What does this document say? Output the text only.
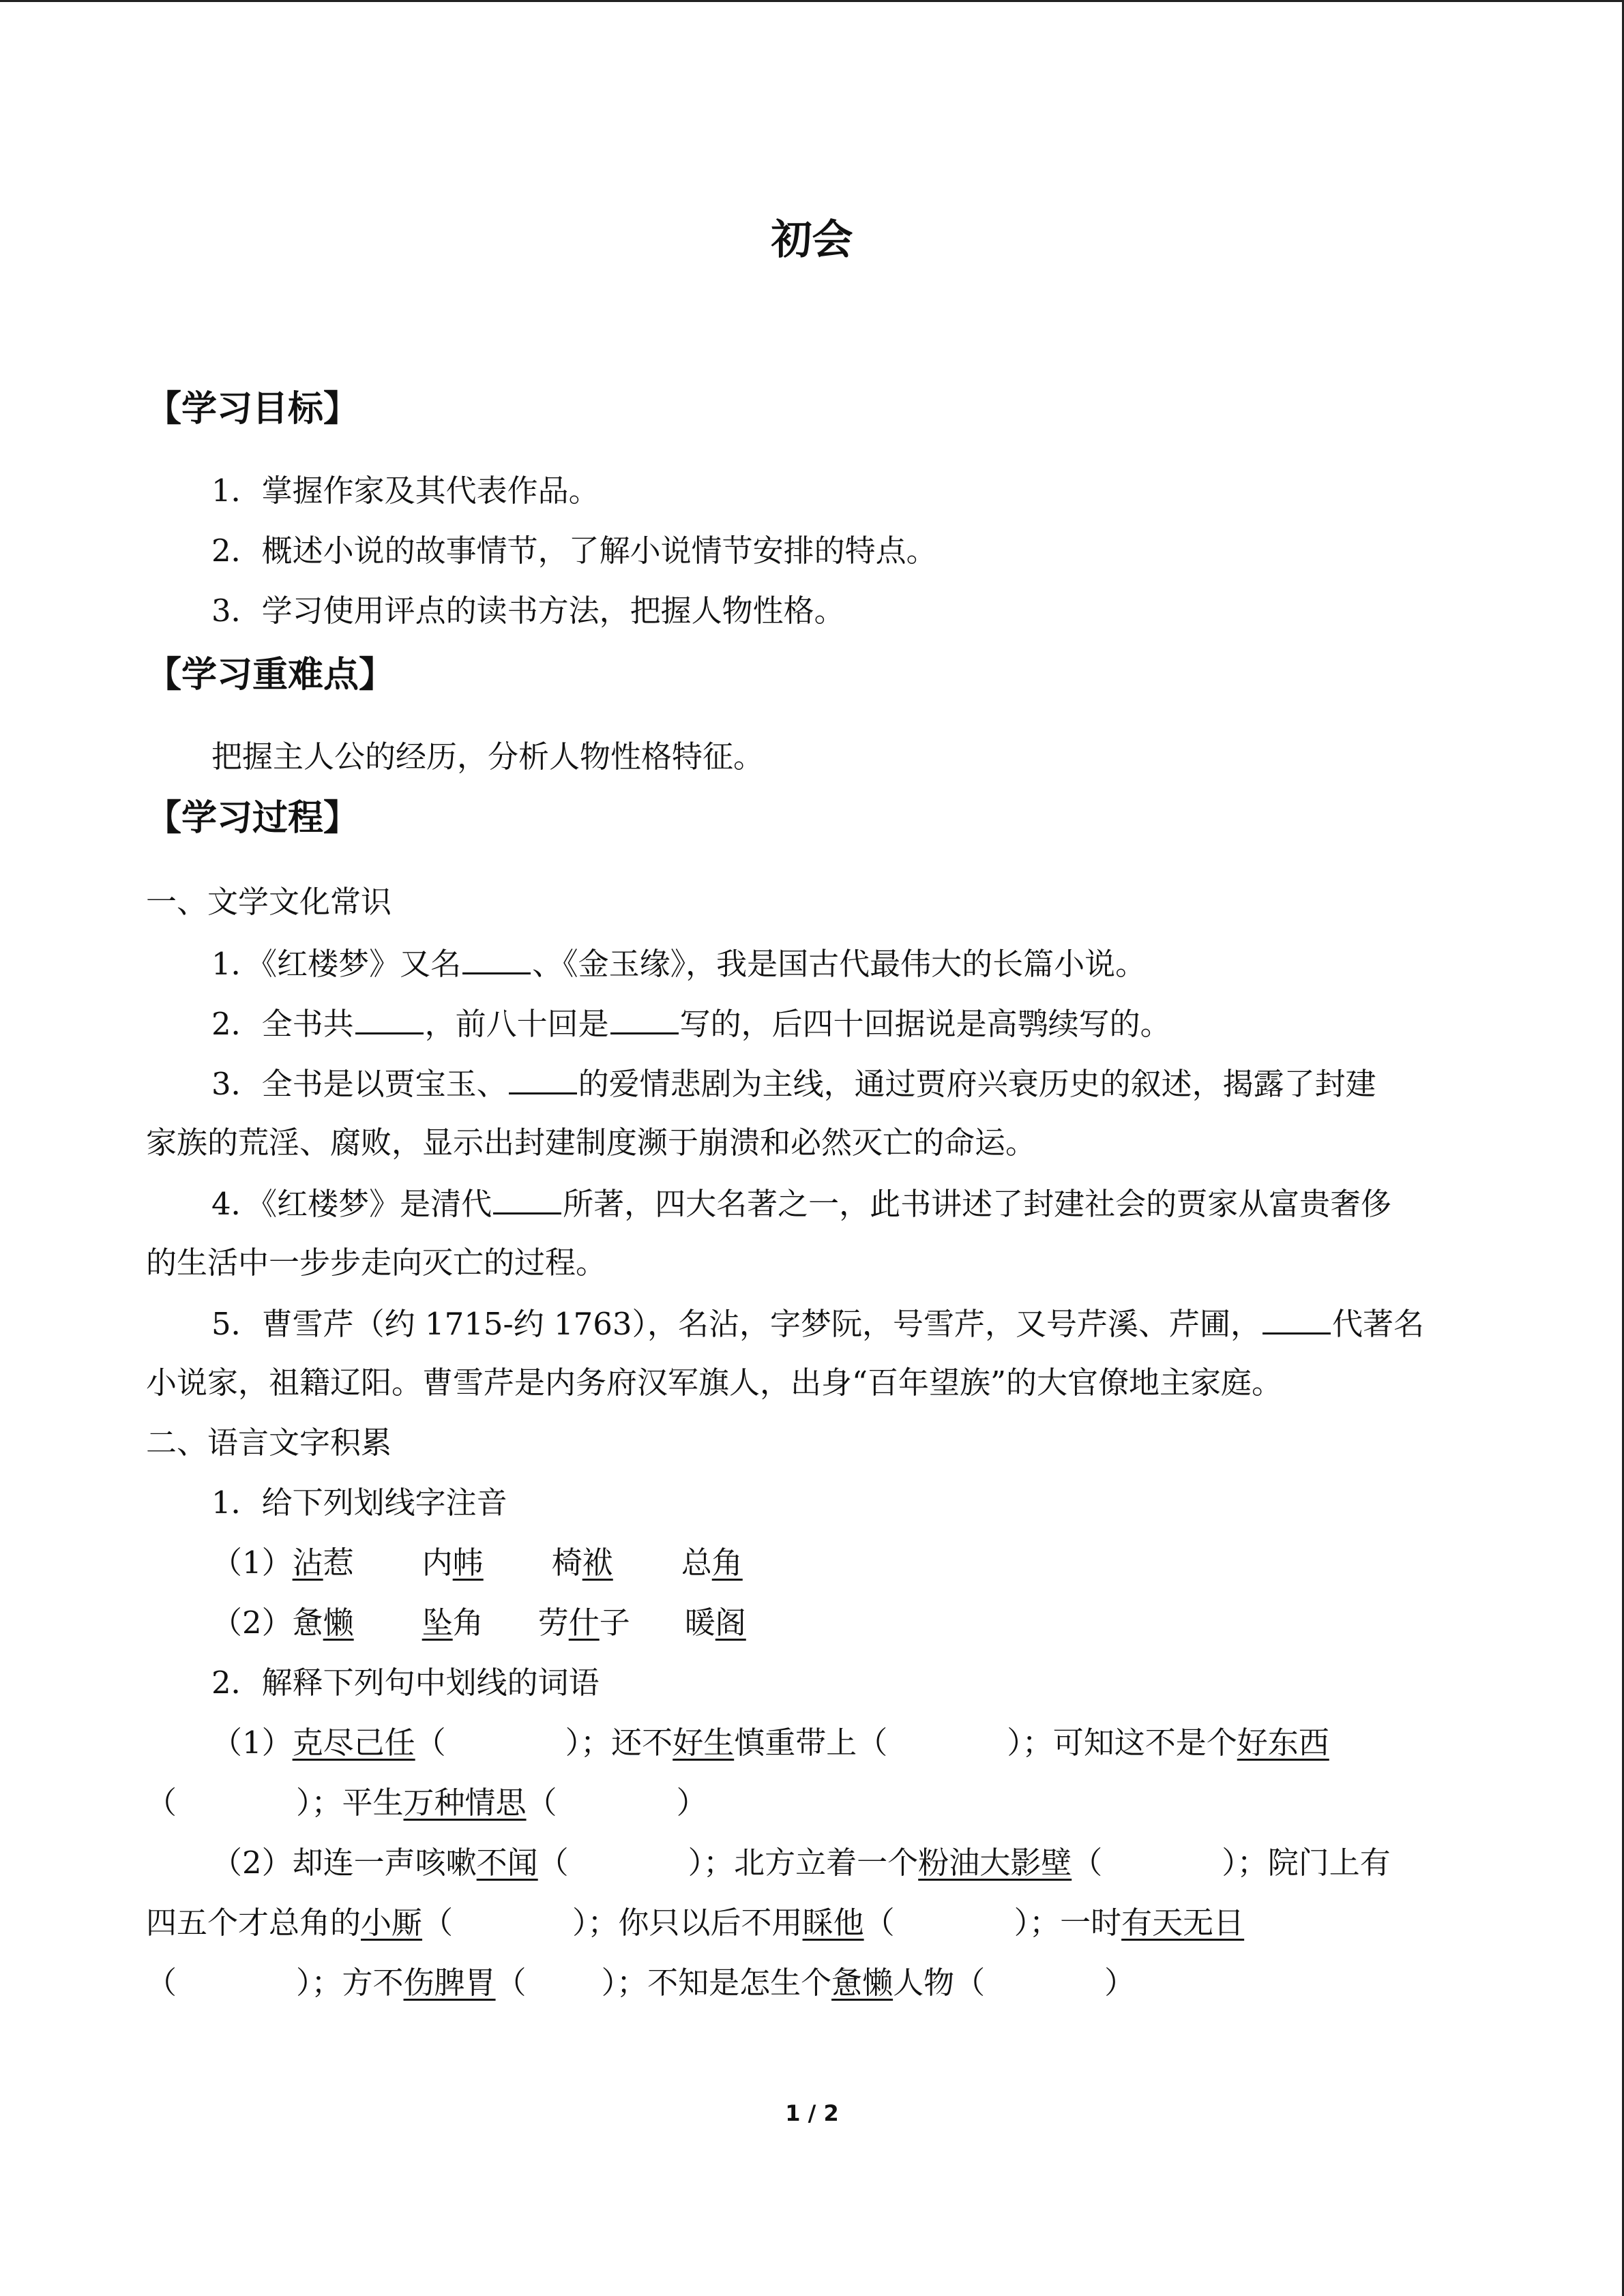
初会
【学习目标】
1．掌握作家及其代表作品。
2．概述小说的故事情节，了解小说情节安排的特点。
3．学习使用评点的读书方法，把握人物性格。
【学习重难点】
把握主人公的经历，分析人物性格特征。
【学习过程】
一、文学文化常识
1．《红楼梦》又名 、《金玉缘》，我是国古代最伟大的长篇小说。
2．全书共 ，前八十回是 写的，后四十回据说是高鹗续写的。
3．全书是以贾宝玉、 的爱情悲剧为主线，通过贾府兴衰历史的叙述，揭露了封建
家族的荒淫、腐败，显示出封建制度濒于崩溃和必然灭亡的命运。
4．《红楼梦》是清代 所著，四大名著之一，此书讲述了封建社会的贾家从富贵奢侈
的生活中一步步走向灭亡的过程。
5．曹雪芹（约 1715-约 1763），名沾，字梦阮，号雪芹，又号芹溪、芹圃， 代著名
小说家，祖籍辽阳。曹雪芹是内务府汉军旗人，出身“百年望族”的大官僚地主家庭。
二、语言文字积累
1．给下列划线字注音
（1）沾惹 内帏 椅袱 总角
（2）惫懒 坠角 劳什子 暖阁
2．解释下列句中划线的词语
（1）克尽己任（	）；还不好生慎重带上（	）；可知这不是个好东西
（	）；平生万种情思（	）
（2）却连一声咳嗽不闻（	）；北方立着一个粉油大影壁（	）；院门上有
四五个才总角的小厮（	）；你只以后不用睬他（	）；一时有天无日
（	）；方不伤脾胃（ ）；不知是怎生个惫懒人物（	）
1 / 2
